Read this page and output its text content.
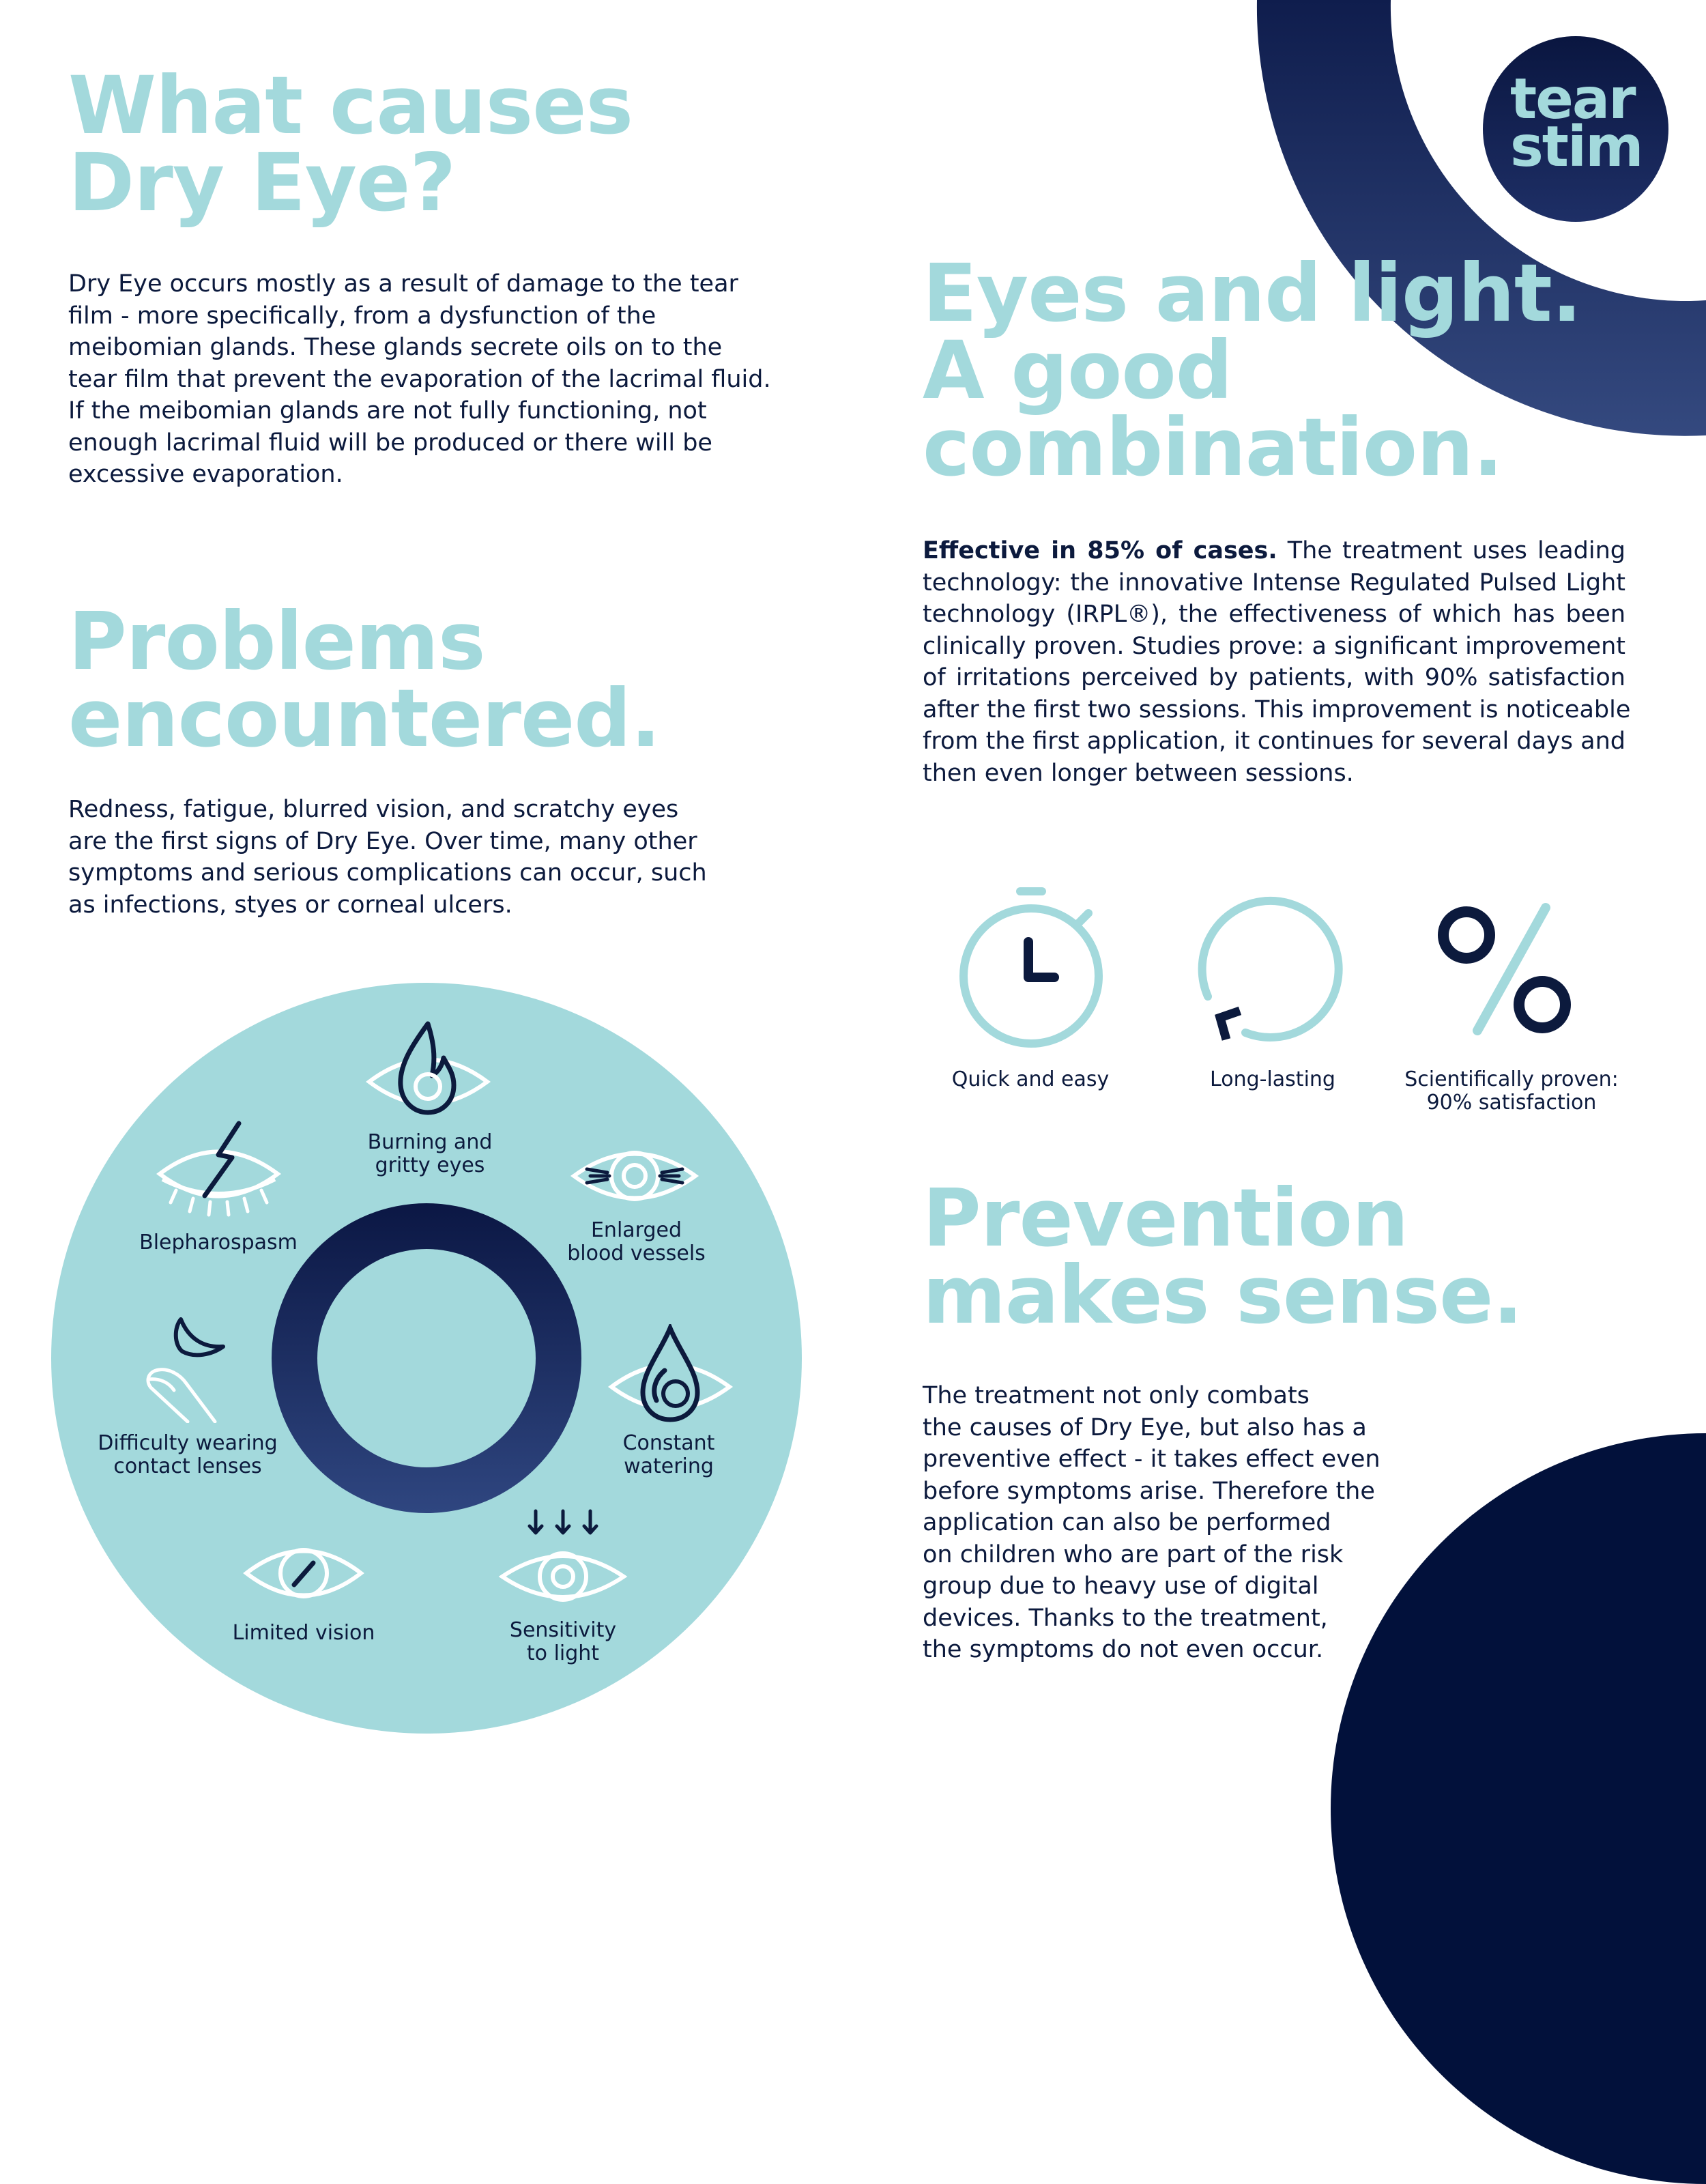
tear
stim
What causes
Dry Eye?

Dry Eye occurs mostly as a result of damage to the tear
film - more specifically, from a dysfunction of the
meibomian glands. These glands secrete oils on to the
tear film that prevent the evaporation of the lacrimal fluid.
If the meibomian glands are not fully functioning, not
enough lacrimal fluid will be produced or there will be
excessive evaporation.

Problems
encountered.

Redness, fatigue, blurred vision, and scratchy eyes
are the first signs of Dry Eye. Over time, many other
symptoms and serious complications can occur, such
as infections, styes or corneal ulcers.

Burning and
gritty eyes
Enlarged
blood vessels
Constant
watering
Sensitivity
to light
Limited vision
Difficulty wearing
contact lenses
Blepharospasm
Eyes and light.
A good
combination.
Effective in 85% of cases. The treatment uses leading
technology: the innovative Intense Regulated Pulsed Light
technology (IRPL®), the effectiveness of which has been
clinically proven. Studies prove: a significant improvement
of irritations perceived by patients, with 90% satisfaction
after the first two sessions. This improvement is noticeable
from the first application, it continues for several days and
then even longer between sessions.
Quick and easy	Long-lasting	Scientifically proven:
90% satisfaction
Prevention
makes sense.

The treatment not only combats
the causes of Dry Eye, but also has a
preventive effect - it takes effect even
before symptoms arise. Therefore the
application can also be performed
on children who are part of the risk
group due to heavy use of digital
devices. Thanks to the treatment,
the symptoms do not even occur.
